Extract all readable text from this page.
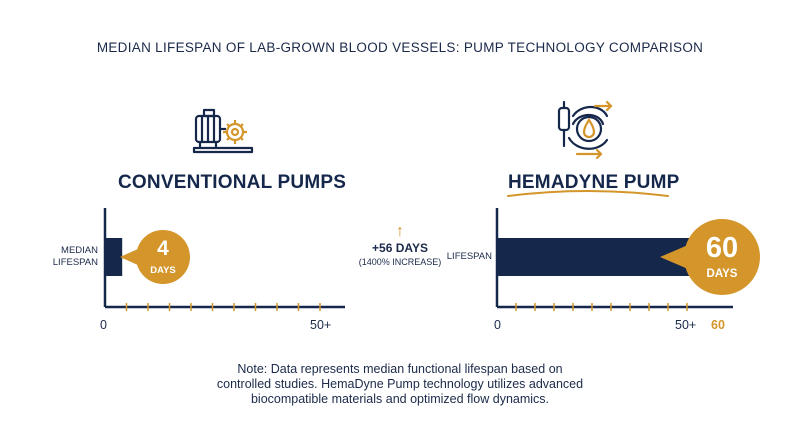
MEDIAN LIFESPAN OF LAB-GROWN BLOOD VESSELS: PUMP TECHNOLOGY COMPARISON
CONVENTIONAL PUMPS	HEMADYNE PUMP
MEDIAN
LIFESPAN
LIFESPAN
0	50+	0	50+ 60
4
DAYS
60
DAYS
↑
+56 DAYS
(1400% INCREASE)
Note: Data represents median functional lifespan based on
controlled studies. HemaDyne Pump technology utilizes advanced
biocompatible materials and optimized flow dynamics.
